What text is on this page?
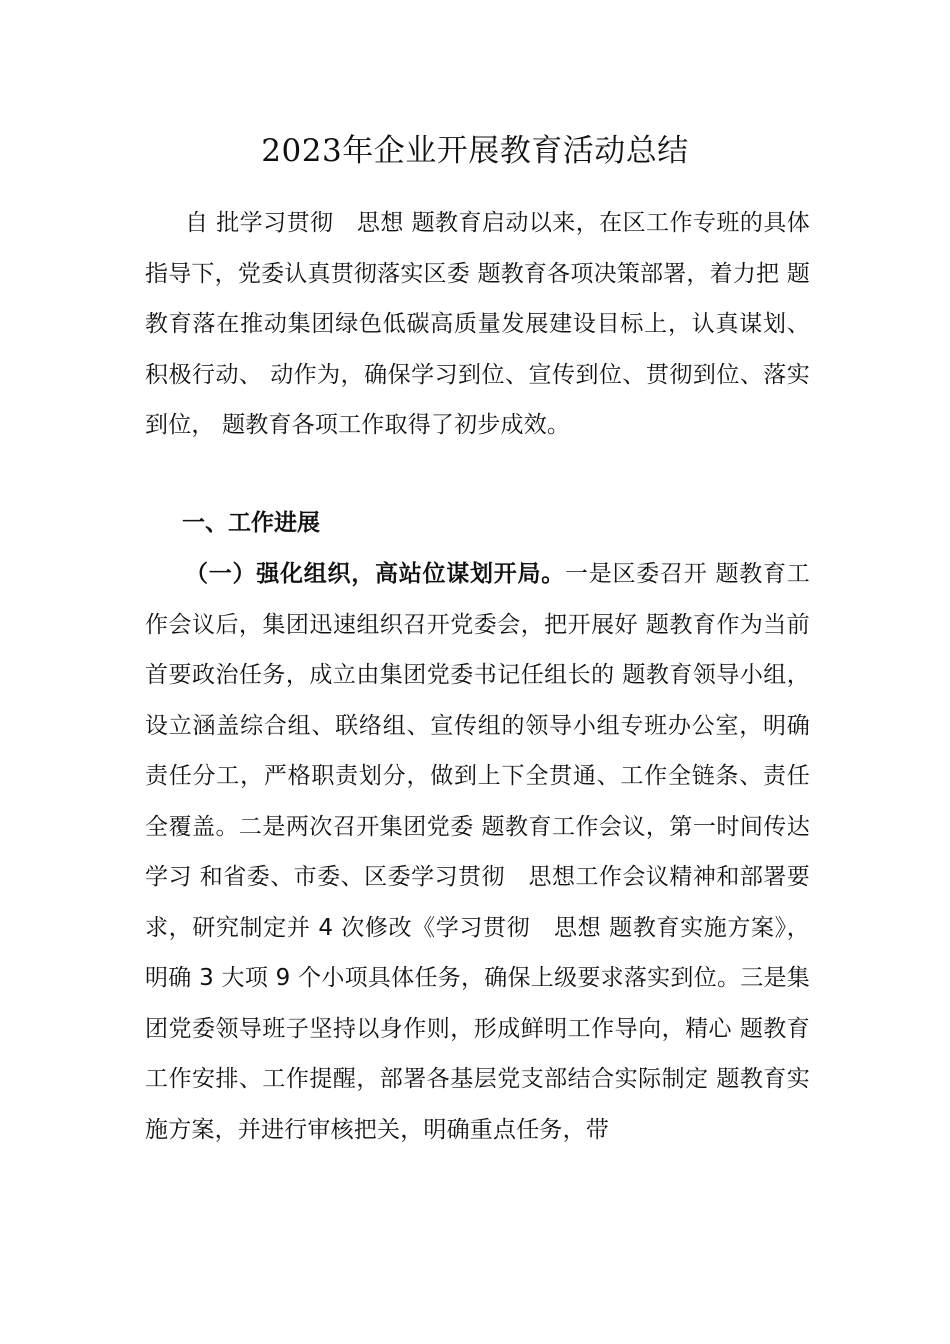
2023年企业开展教育活动总结

自 批学习贯彻　思想 题教育启动以来，在区工作专班的具体指导下，党委认真贯彻落实区委 题教育各项决策部署，着力把 题教育落在推动集团绿色低碳高质量发展建设目标上，认真谋划、积极行动、 动作为，确保学习到位、宣传到位、贯彻到位、落实到位， 题教育各项工作取得了初步成效。

一、工作进展

（一）强化组织，高站位谋划开局。一是区委召开 题教育工作会议后，集团迅速组织召开党委会，把开展好 题教育作为当前首要政治任务，成立由集团党委书记任组长的 题教育领导小组，设立涵盖综合组、联络组、宣传组的领导小组专班办公室，明确责任分工，严格职责划分，做到上下全贯通、工作全链条、责任全覆盖。二是两次召开集团党委 题教育工作会议，第一时间传达学习 和省委、市委、区委学习贯彻　思想工作会议精神和部署要求，研究制定并 4 次修改《学习贯彻　思想 题教育实施方案》，明确 3 大项 9 个小项具体任务，确保上级要求落实到位。三是集团党委领导班子坚持以身作则，形成鲜明工作导向，精心 题教育工作安排、工作提醒，部署各基层党支部结合实际制定 题教育实施方案，并进行审核把关，明确重点任务，带
